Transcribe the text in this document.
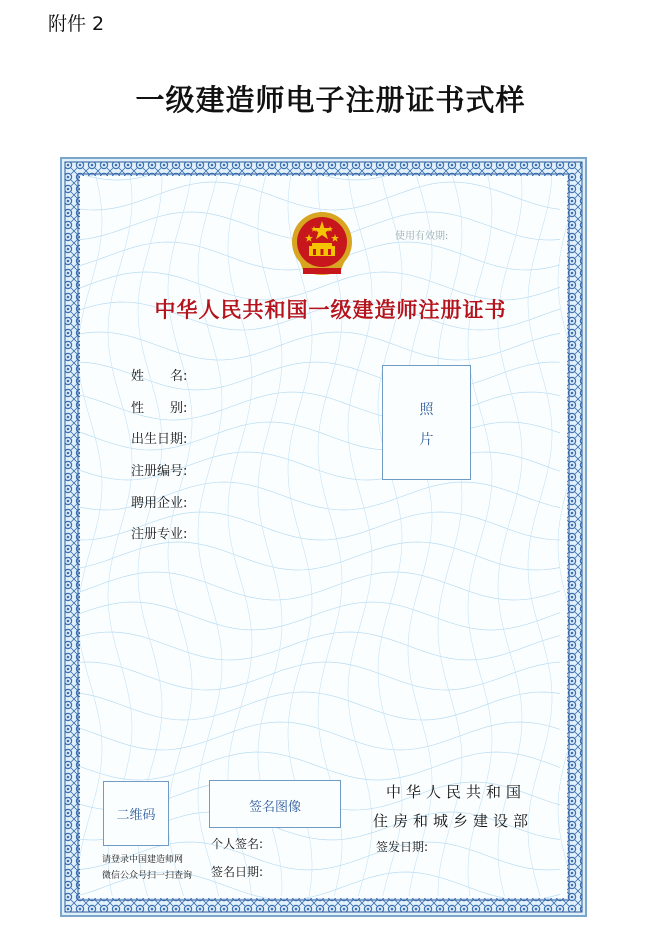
附件 2
一级建造师电子注册证书式样
使用有效期:
中华人民共和国一级建造师注册证书
姓　　名:
性　　别:
出生日期:
注册编号:
聘用企业:
注册专业:
照
片
二维码
请登录中国建造师网
微信公众号扫一扫查询
签名图像
个人签名:
签名日期:
中华人民共和国
住房和城乡建设部
签发日期:
